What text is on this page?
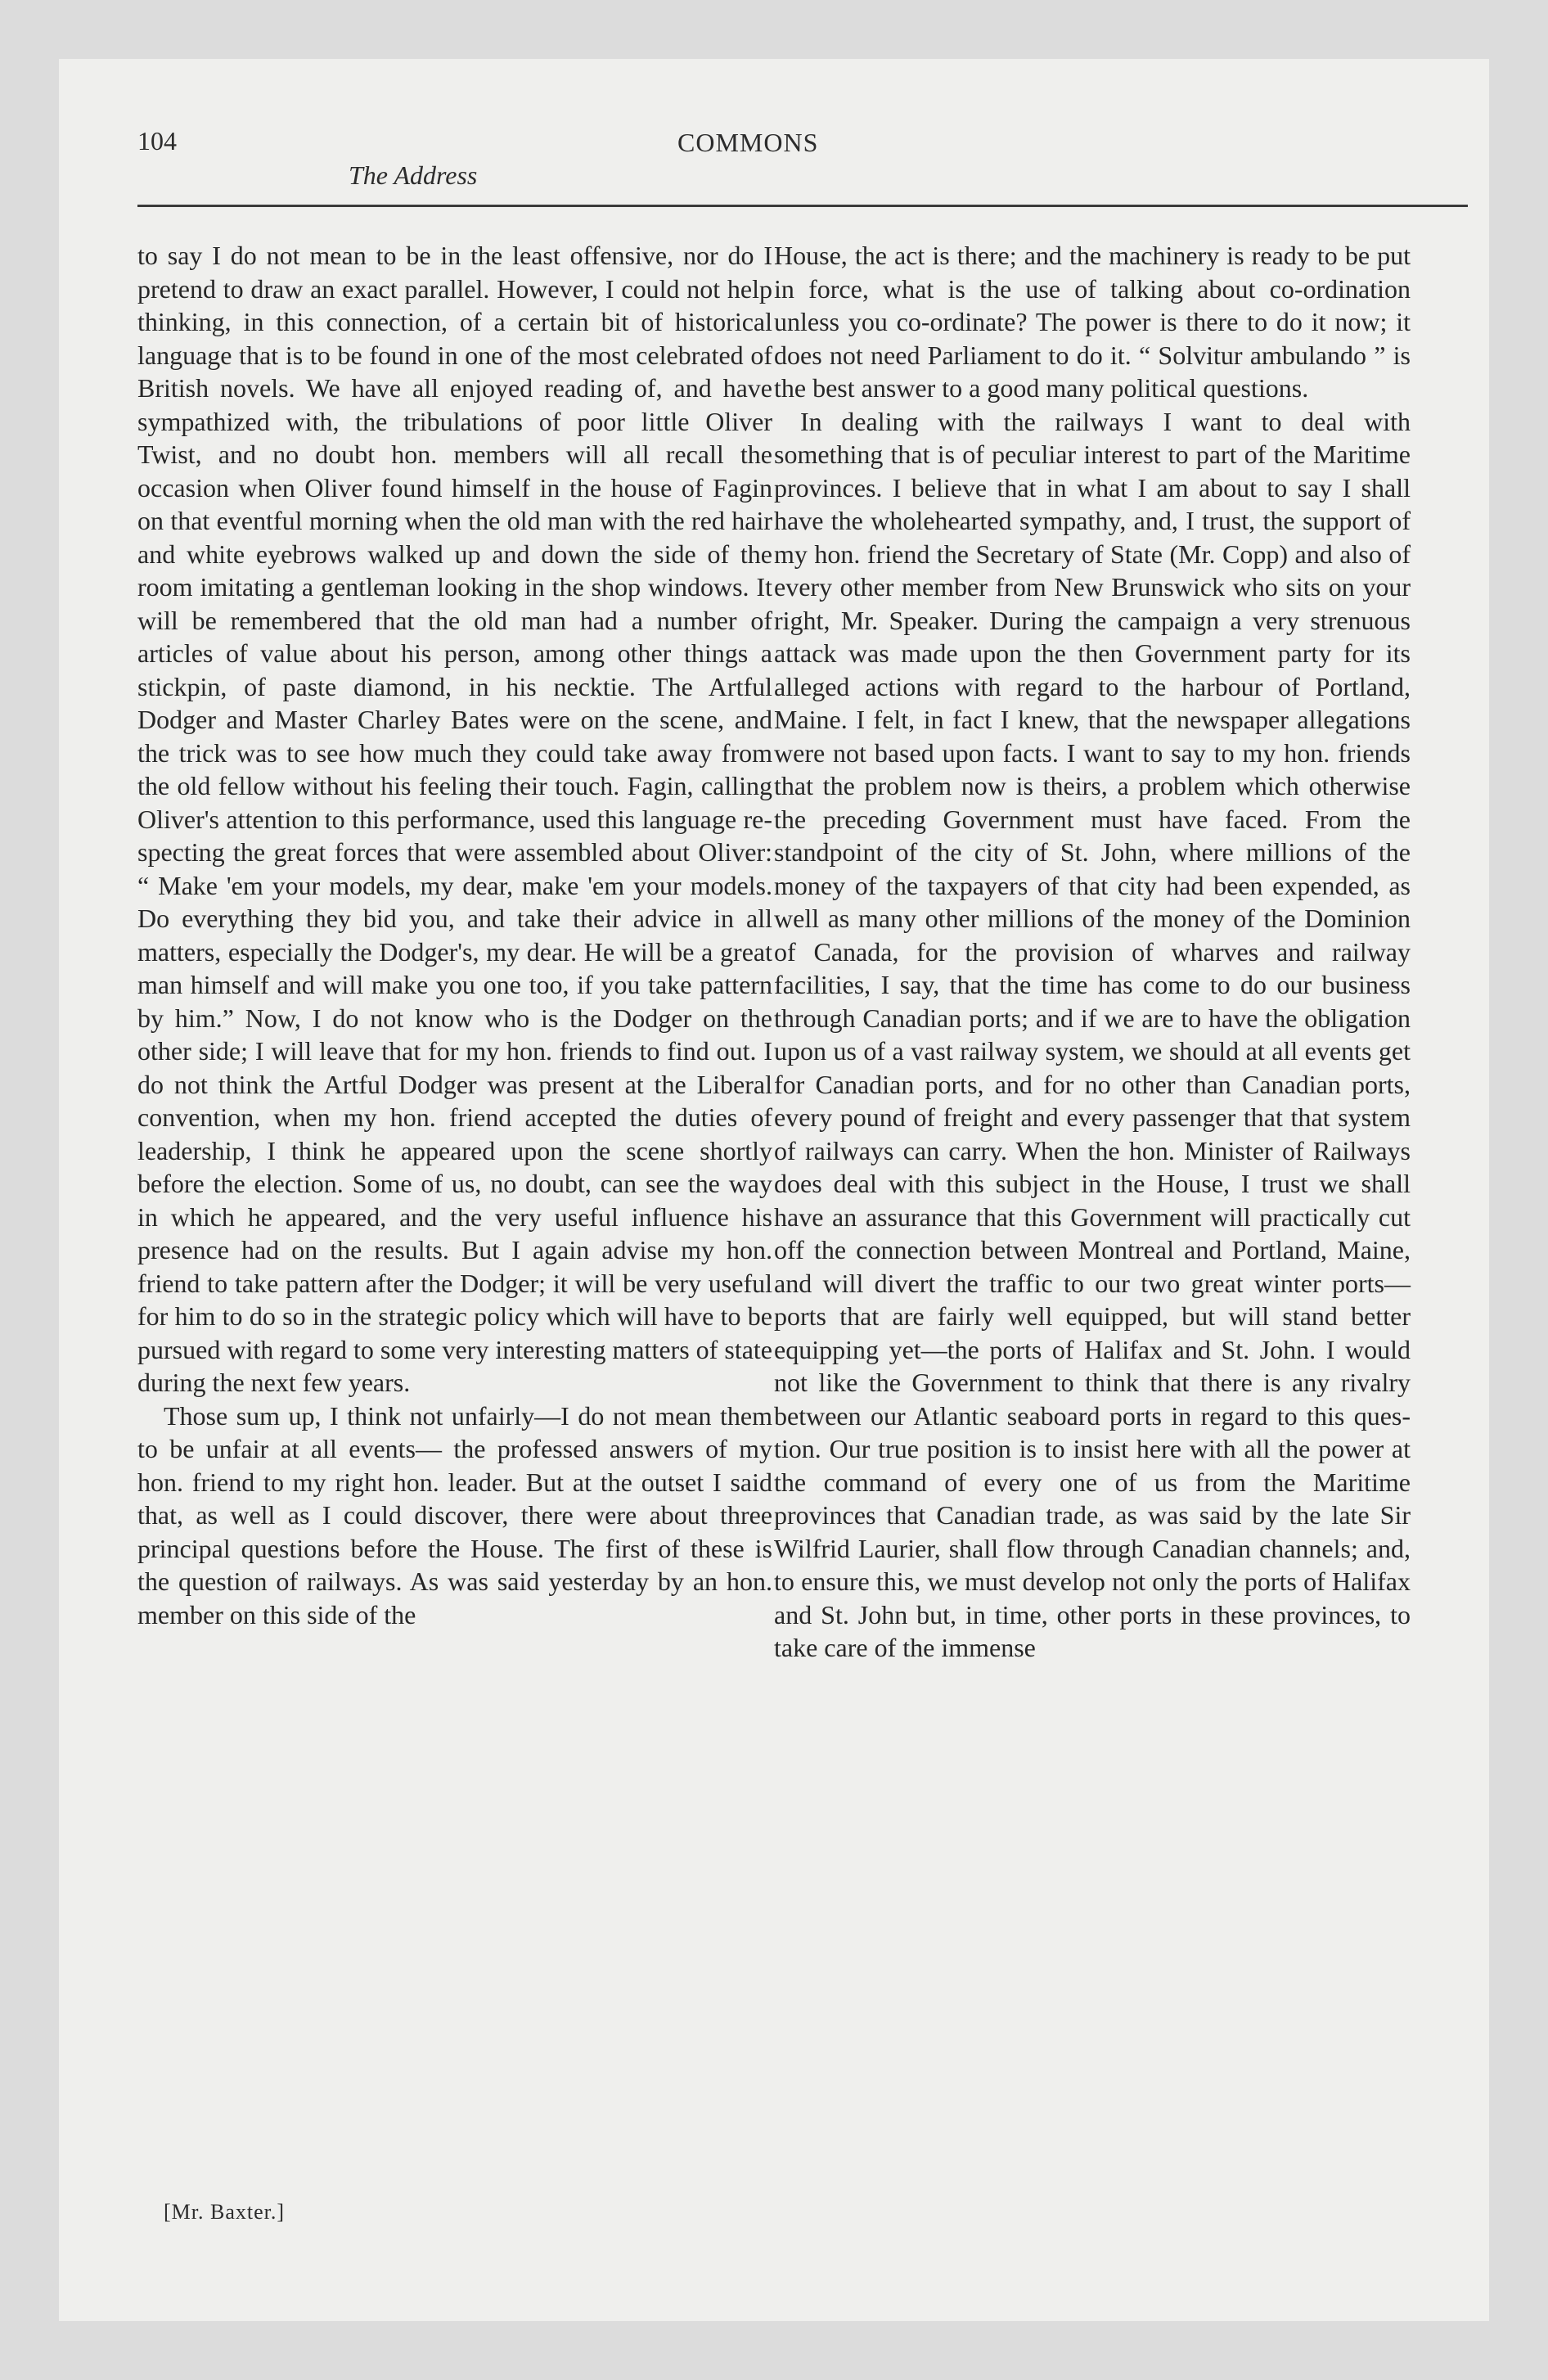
104	COMMONS
The Address

to say I do not mean to be in the least offensive, nor do I pretend to draw an exact parallel. However, I could not help thinking, in this connection, of a certain bit of historical language that is to be found in one of the most celebrated of British novels. We have all enjoyed reading of, and have sympathized with, the tribulations of poor little Oliver Twist, and no doubt hon. members will all recall the occasion when Oliver found himself in the house of Fagin on that eventful morning when the old man with the red hair and white eyebrows walked up and down the side of the room imitating a gentleman looking in the shop windows. It will be remembered that the old man had a number of articles of value about his person, among other things a stickpin, of paste diamond, in his necktie. The Artful Dodger and Master Charley Bates were on the scene, and the trick was to see how much they could take away from the old fellow without his feeling their touch. Fagin, calling Oliver's attention to this performance, used this language respecting the great forces that were assembled about Oliver: “ Make 'em your models, my dear, make 'em your models. Do everything they bid you, and take their advice in all matters, especially the Dodger's, my dear. He will be a great man himself and will make you one too, if you take pattern by him.” Now, I do not know who is the Dodger on the other side; I will leave that for my hon. friends to find out. I do not think the Artful Dodger was present at the Liberal convention, when my hon. friend accepted the duties of leadership, I think he appeared upon the scene shortly before the election. Some of us, no doubt, can see the way in which he appeared, and the very useful influence his presence had on the results. But I again advise my hon. friend to take pattern after the Dodger; it will be very useful for him to do so in the strategic policy which will have to be pursued with regard to some very interesting matters of state during the next few years.

Those sum up, I think not unfairly—I do not mean them to be unfair at all events— the professed answers of my hon. friend to my right hon. leader. But at the outset I said that, as well as I could discover, there were about three principal questions before the House. The first of these is the question of railways. As was said yesterday by an hon. member on this side of the

House, the act is there; and the machinery is ready to be put in force, what is the use of talking about co-ordination unless you co-ordinate? The power is there to do it now; it does not need Parliament to do it. “ Solvitur ambulando ” is the best answer to a good many political questions.

In dealing with the railways I want to deal with something that is of peculiar interest to part of the Maritime provinces. I believe that in what I am about to say I shall have the wholehearted sympathy, and, I trust, the support of my hon. friend the Secretary of State (Mr. Copp) and also of every other member from New Brunswick who sits on your right, Mr. Speaker. During the campaign a very strenuous attack was made upon the then Government party for its alleged actions with regard to the harbour of Portland, Maine. I felt, in fact I knew, that the newspaper allegations were not based upon facts. I want to say to my hon. friends that the problem now is theirs, a problem which otherwise the preceding Government must have faced. From the standpoint of the city of St. John, where millions of the money of the taxpayers of that city had been expended, as well as many other millions of the money of the Dominion of Canada, for the provision of wharves and railway facilities, I say, that the time has come to do our business through Canadian ports; and if we are to have the obligation upon us of a vast railway system, we should at all events get for Canadian ports, and for no other than Canadian ports, every pound of freight and every passenger that that system of railways can carry. When the hon. Minister of Railways does deal with this subject in the House, I trust we shall have an assurance that this Government will practically cut off the connection between Montreal and Portland, Maine, and will divert the traffic to our two great winter ports—ports that are fairly well equipped, but will stand better equipping yet—the ports of Halifax and St. John. I would not like the Government to think that there is any rivalry between our Atlantic seaboard ports in regard to this question. Our true position is to insist here with all the power at the command of every one of us from the Maritime provinces that Canadian trade, as was said by the late Sir Wilfrid Laurier, shall flow through Canadian channels; and, to ensure this, we must develop not only the ports of Halifax and St. John but, in time, other ports in these provinces, to take care of the immense

[Mr. Baxter.]
